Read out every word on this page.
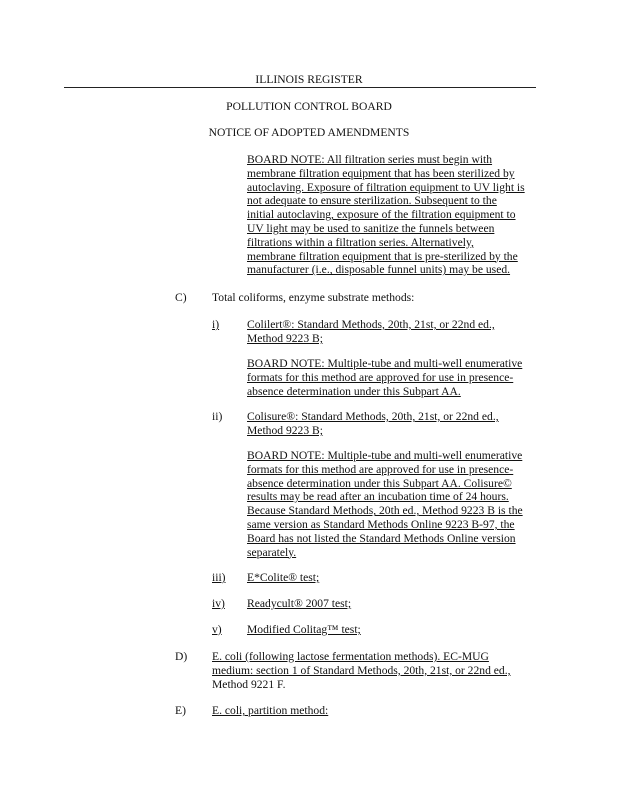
ILLINOIS REGISTER
POLLUTION CONTROL BOARD
NOTICE OF ADOPTED AMENDMENTS
BOARD NOTE: All filtration series must begin with
membrane filtration equipment that has been sterilized by
autoclaving. Exposure of filtration equipment to UV light is
not adequate to ensure sterilization. Subsequent to the
initial autoclaving, exposure of the filtration equipment to
UV light may be used to sanitize the funnels between
filtrations within a filtration series. Alternatively,
membrane filtration equipment that is pre-sterilized by the
manufacturer (i.e., disposable funnel units) may be used.
C) Total coliforms, enzyme substrate methods:
i) Colilert®: Standard Methods, 20th, 21st, or 22nd ed.,
Method 9223 B;
BOARD NOTE: Multiple-tube and multi-well enumerative
formats for this method are approved for use in presence-
absence determination under this Subpart AA.
ii) Colisure®: Standard Methods, 20th, 21st, or 22nd ed.,
Method 9223 B;
BOARD NOTE: Multiple-tube and multi-well enumerative
formats for this method are approved for use in presence-
absence determination under this Subpart AA. Colisure©
results may be read after an incubation time of 24 hours.
Because Standard Methods, 20th ed., Method 9223 B is the
same version as Standard Methods Online 9223 B-97, the
Board has not listed the Standard Methods Online version
separately.
iii) E*Colite® test;
iv) Readycult® 2007 test;
v) Modified Colitag™ test;
D) E. coli (following lactose fermentation methods). EC-MUG
medium: section 1 of Standard Methods, 20th, 21st, or 22nd ed.,
Method 9221 F.
E) E. coli, partition method:
